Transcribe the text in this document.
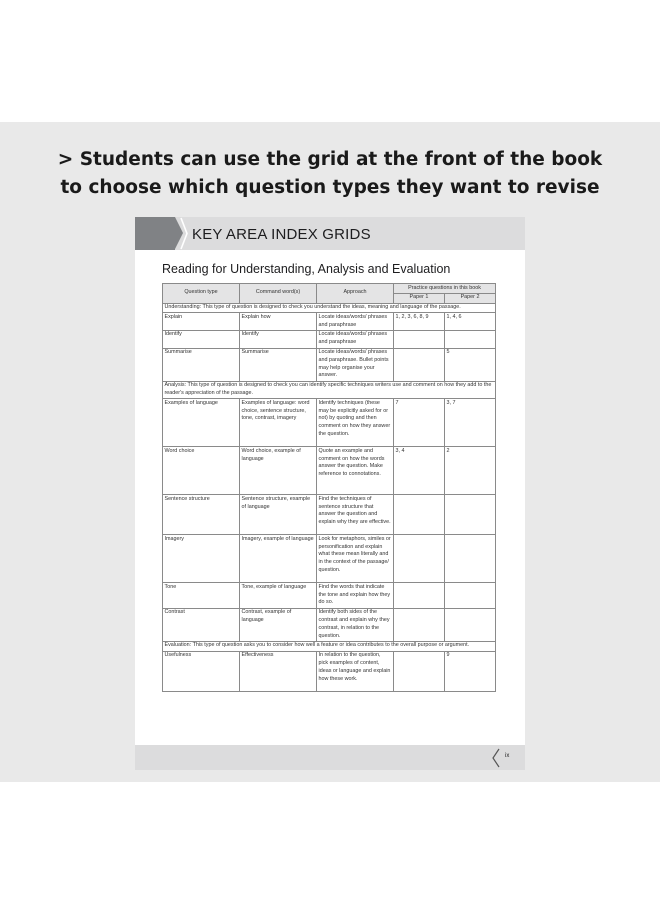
> Students can use the grid at the front of the book
to choose which question types they want to revise
KEY AREA INDEX GRIDS
Reading for Understanding, Analysis and Evaluation
Question type	Command word(s)	Approach	Practice questions in this book	
			Paper 1	Paper 2
Understanding: This type of question is designed to check you understand the ideas, meaning and language of the passage.				
Explain	Explain how	Locate ideas/words/ phrases and paraphrase	1, 2, 3, 6, 8, 9	1, 4, 6
Identify	Identify	Locate ideas/words/ phrases and paraphrase		
Summarise	Summarise	Locate ideas/words/ phrases and paraphrase. Bullet points may help organise your answer.		5
Analysis: This type of question is designed to check you can identify specific techniques writers use and comment on how they add to the reader's appreciation of the passage.				
Examples of language	Examples of language: word choice, sentence structure, tone, contrast, imagery	Identify techniques (these may be explicitly asked for or not) by quoting and then comment on how they answer the question.	7	3, 7
Word choice	Word choice, example of language	Quote an example and comment on how the words answer the question. Make reference to connotations.	3, 4	2
Sentence structure	Sentence structure, example of language	Find the techniques of sentence structure that answer the question and explain why they are effective.		
Imagery	Imagery, example of language	Look for metaphors, similes or personification and explain what these mean literally and in the context of the passage/ question.		
Tone	Tone, example of language	Find the words that indicate the tone and explain how they do so.		
Contrast	Contrast, example of language	Identify both sides of the contrast and explain why they contrast, in relation to the question.		
Evaluation: This type of question asks you to consider how well a feature or idea contributes to the overall purpose or argument.				
Usefulness	Effectiveness	In relation to the question, pick examples of content, ideas or language and explain how these work.		9
ix
